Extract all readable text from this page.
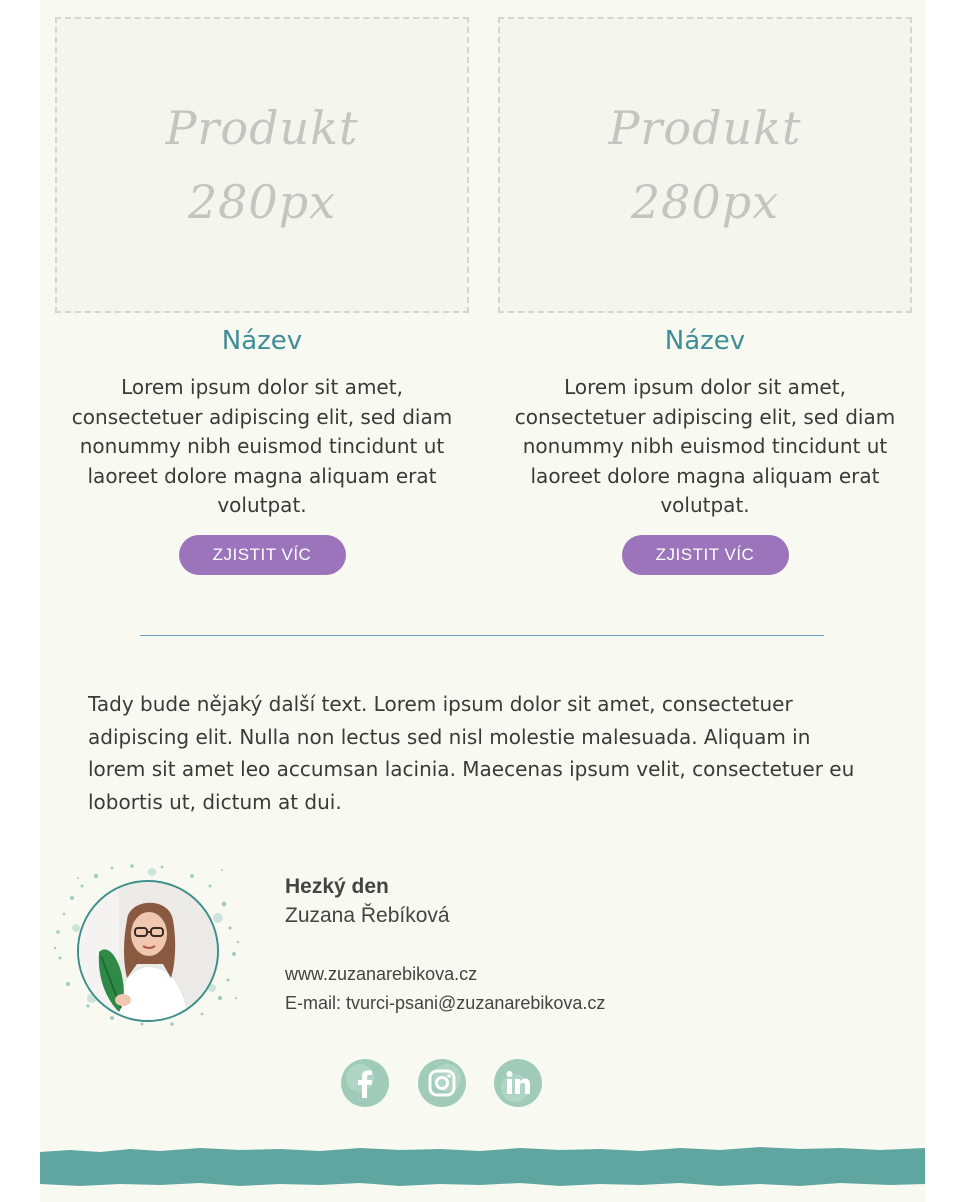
Produkt
280px
Název
Lorem ipsum dolor sit amet, consectetuer adipiscing elit, sed diam nonummy nibh euismod tincidunt ut laoreet dolore magna aliquam erat volutpat.
ZJISTIT VÍC
Produkt
280px
Název
Lorem ipsum dolor sit amet, consectetuer adipiscing elit, sed diam nonummy nibh euismod tincidunt ut laoreet dolore magna aliquam erat volutpat.
ZJISTIT VÍC
Tady bude nějaký další text. Lorem ipsum dolor sit amet, consectetuer adipiscing elit. Nulla non lectus sed nisl molestie malesuada. Aliquam in lorem sit amet leo accumsan lacinia. Maecenas ipsum velit, consectetuer eu lobortis ut, dictum at dui.
Hezký den
Zuzana Řebíková
www.zuzanarebikova.cz
E-mail: tvurci-psani@zuzanarebikova.cz
